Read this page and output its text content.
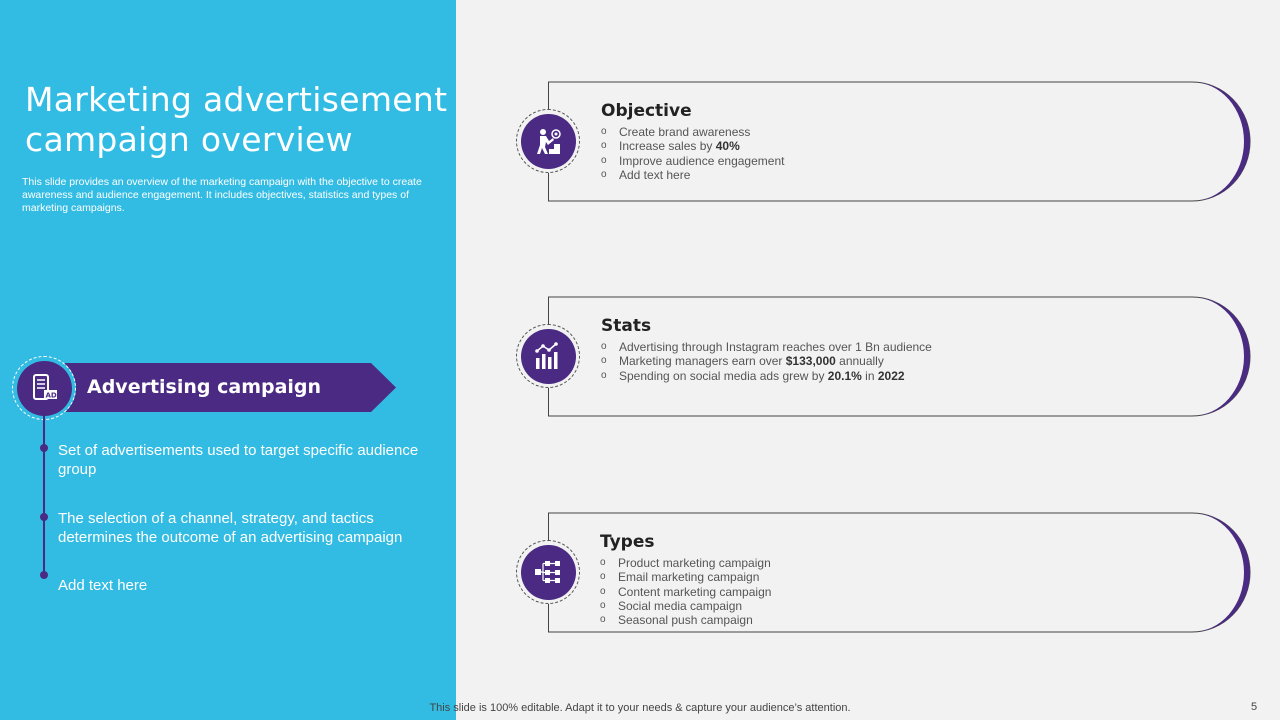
Marketing advertisement campaign overview

This slide provides an overview of the marketing campaign with the objective to create awareness and audience engagement. It includes objectives, statistics and types of marketing campaigns.

Advertising campaign
AD

Set of advertisements used to target specific audience group

The selection of a channel, strategy, and tactics determines the outcome of an advertising campaign

Add text here

Objective
o	Create brand awareness
o	Increase sales by 40%
o	Improve audience engagement
o	Add text here
Stats
o	Advertising through Instagram reaches over 1 Bn audience
o	Marketing managers earn over $133,000 annually
o	Spending on social media ads grew by 20.1% in 2022
Types
o	Product marketing campaign
o	Email marketing campaign
o	Content marketing campaign
o	Social media campaign
o	Seasonal push campaign
This slide is 100% editable. Adapt it to your needs & capture your audience’s attention.	5
